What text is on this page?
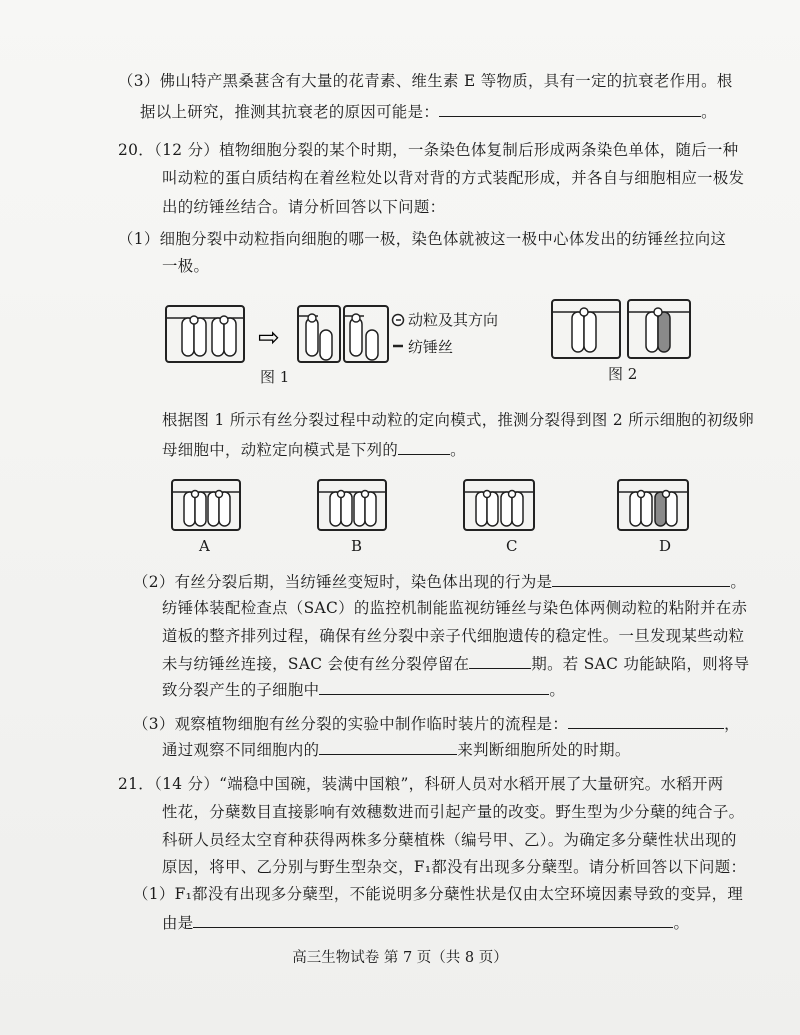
（3）佛山特产黑桑葚含有大量的花青素、维生素 E 等物质，具有一定的抗衰老作用。根
据以上研究，推测其抗衰老的原因可能是：	。
20．（12 分）植物细胞分裂的某个时期，一条染色体复制后形成两条染色单体，随后一种
叫动粒的蛋白质结构在着丝粒处以背对背的方式装配形成，并各自与细胞相应一极发
出的纺锤丝结合。请分析回答以下问题：
（1）细胞分裂中动粒指向细胞的哪一极，染色体就被这一极中心体发出的纺锤丝拉向这
一极。
⇨
动粒及其方向
纺锤丝
图 1	图 2
根据图 1 所示有丝分裂过程中动粒的定向模式，推测分裂得到图 2 所示细胞的初级卵
母细胞中，动粒定向模式是下列的	。
A	B	C	D
（2）有丝分裂后期，当纺锤丝变短时，染色体出现的行为是	。
纺锤体装配检查点（SAC）的监控机制能监视纺锤丝与染色体两侧动粒的粘附并在赤
道板的整齐排列过程，确保有丝分裂中亲子代细胞遗传的稳定性。一旦发现某些动粒
未与纺锤丝连接，SAC 会使有丝分裂停留在	期。若 SAC 功能缺陷，则将导
致分裂产生的子细胞中	。
（3）观察植物细胞有丝分裂的实验中制作临时装片的流程是：	，
通过观察不同细胞内的	来判断细胞所处的时期。
21．（14 分）“端稳中国碗，装满中国粮”，科研人员对水稻开展了大量研究。水稻开两
性花，分蘖数目直接影响有效穗数进而引起产量的改变。野生型为少分蘖的纯合子。
科研人员经太空育种获得两株多分蘖植株（编号甲、乙）。为确定多分蘖性状出现的
原因，将甲、乙分别与野生型杂交，F₁都没有出现多分蘖型。请分析回答以下问题：
（1）F₁都没有出现多分蘖型，不能说明多分蘖性状是仅由太空环境因素导致的变异，理
由是	。
高三生物试卷 第 7 页（共 8 页）
